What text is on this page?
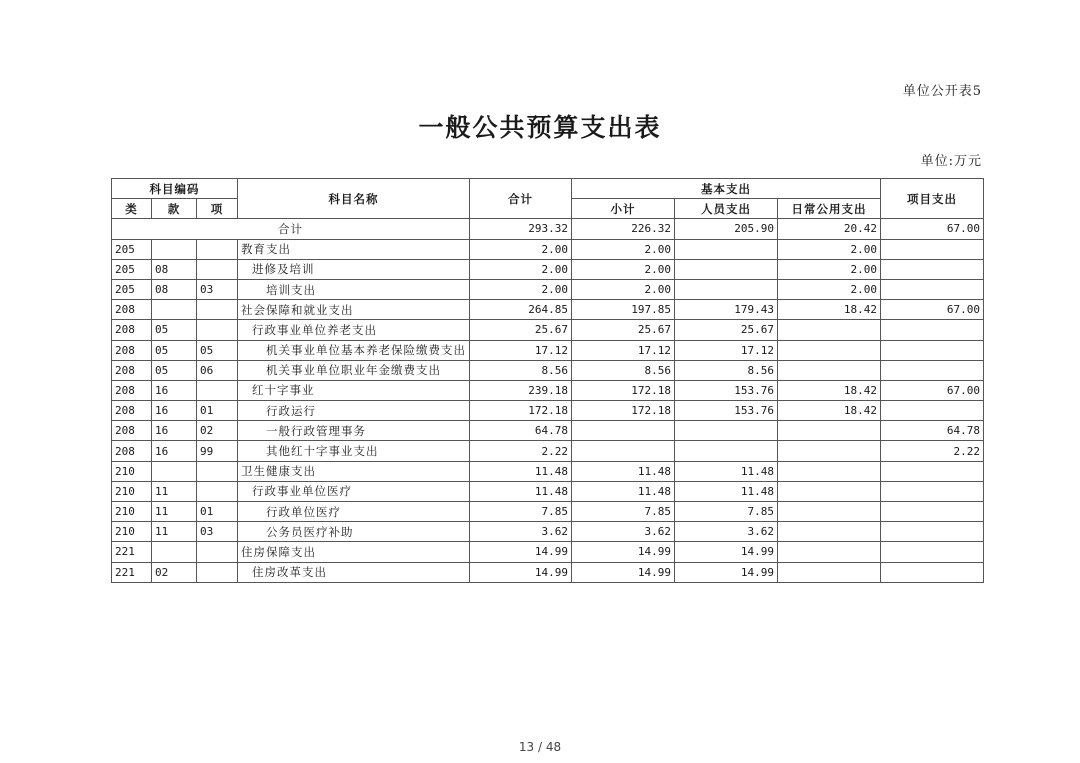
单位公开表5
一般公共预算支出表
单位:万元
科目编码			科目名称	合计	基本支出			项目支出
类	款	项			小计	人员支出	日常公用支出	
合计				293.32	226.32	205.90	20.42	67.00
205			教育支出	2.00	2.00		2.00	
205	08		进修及培训	2.00	2.00		2.00	
205	08	03	培训支出	2.00	2.00		2.00	
208			社会保障和就业支出	264.85	197.85	179.43	18.42	67.00
208	05		行政事业单位养老支出	25.67	25.67	25.67		
208	05	05	机关事业单位基本养老保险缴费支出	17.12	17.12	17.12		
208	05	06	机关事业单位职业年金缴费支出	8.56	8.56	8.56		
208	16		红十字事业	239.18	172.18	153.76	18.42	67.00
208	16	01	行政运行	172.18	172.18	153.76	18.42	
208	16	02	一般行政管理事务	64.78				64.78
208	16	99	其他红十字事业支出	2.22				2.22
210			卫生健康支出	11.48	11.48	11.48		
210	11		行政事业单位医疗	11.48	11.48	11.48		
210	11	01	行政单位医疗	7.85	7.85	7.85		
210	11	03	公务员医疗补助	3.62	3.62	3.62		
221			住房保障支出	14.99	14.99	14.99		
221	02		住房改革支出	14.99	14.99	14.99		
13 / 48
